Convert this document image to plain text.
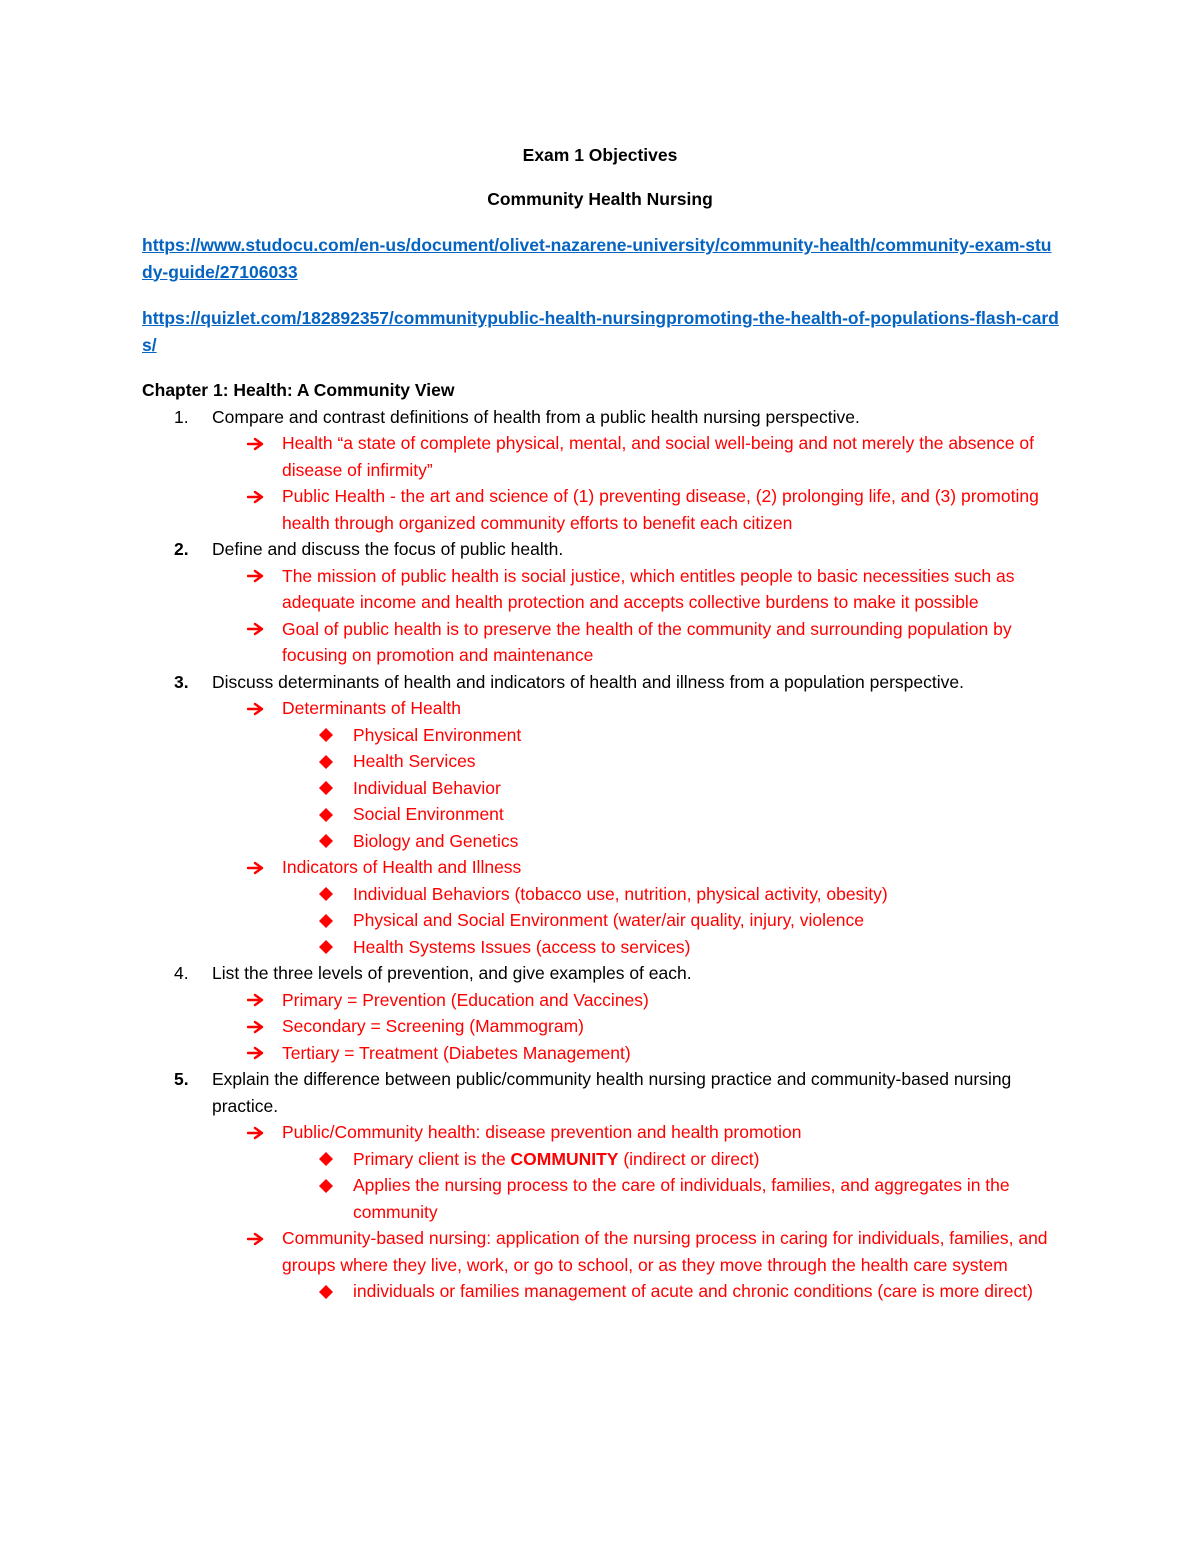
Exam 1 Objectives
Community Health Nursing
https://www.studocu.com/en-us/document/olivet-nazarene-university/community-health/community-exam-study-guide/27106033
https://quizlet.com/182892357/communitypublic-health-nursingpromoting-the-health-of-populations-flash-cards/
Chapter 1: Health: A Community View
1. Compare and contrast definitions of health from a public health nursing perspective.
Health “a state of complete physical, mental, and social well-being and not merely the absence of disease of infirmity”
Public Health - the art and science of (1) preventing disease, (2) prolonging life, and (3) promoting health through organized community efforts to benefit each citizen
2. Define and discuss the focus of public health.
The mission of public health is social justice, which entitles people to basic necessities such as adequate income and health protection and accepts collective burdens to make it possible
Goal of public health is to preserve the health of the community and surrounding population by focusing on promotion and maintenance
3. Discuss determinants of health and indicators of health and illness from a population perspective.
Determinants of Health
Physical Environment
Health Services
Individual Behavior
Social Environment
Biology and Genetics
Indicators of Health and Illness
Individual Behaviors (tobacco use, nutrition, physical activity, obesity)
Physical and Social Environment (water/air quality, injury, violence
Health Systems Issues (access to services)
4. List the three levels of prevention, and give examples of each.
Primary = Prevention (Education and Vaccines)
Secondary = Screening (Mammogram)
Tertiary = Treatment (Diabetes Management)
5. Explain the difference between public/community health nursing practice and community-based nursing practice.
Public/Community health: disease prevention and health promotion
Primary client is the COMMUNITY (indirect or direct)
Applies the nursing process to the care of individuals, families, and aggregates in the community
Community-based nursing: application of the nursing process in caring for individuals, families, and groups where they live, work, or go to school, or as they move through the health care system
individuals or families management of acute and chronic conditions (care is more direct)
